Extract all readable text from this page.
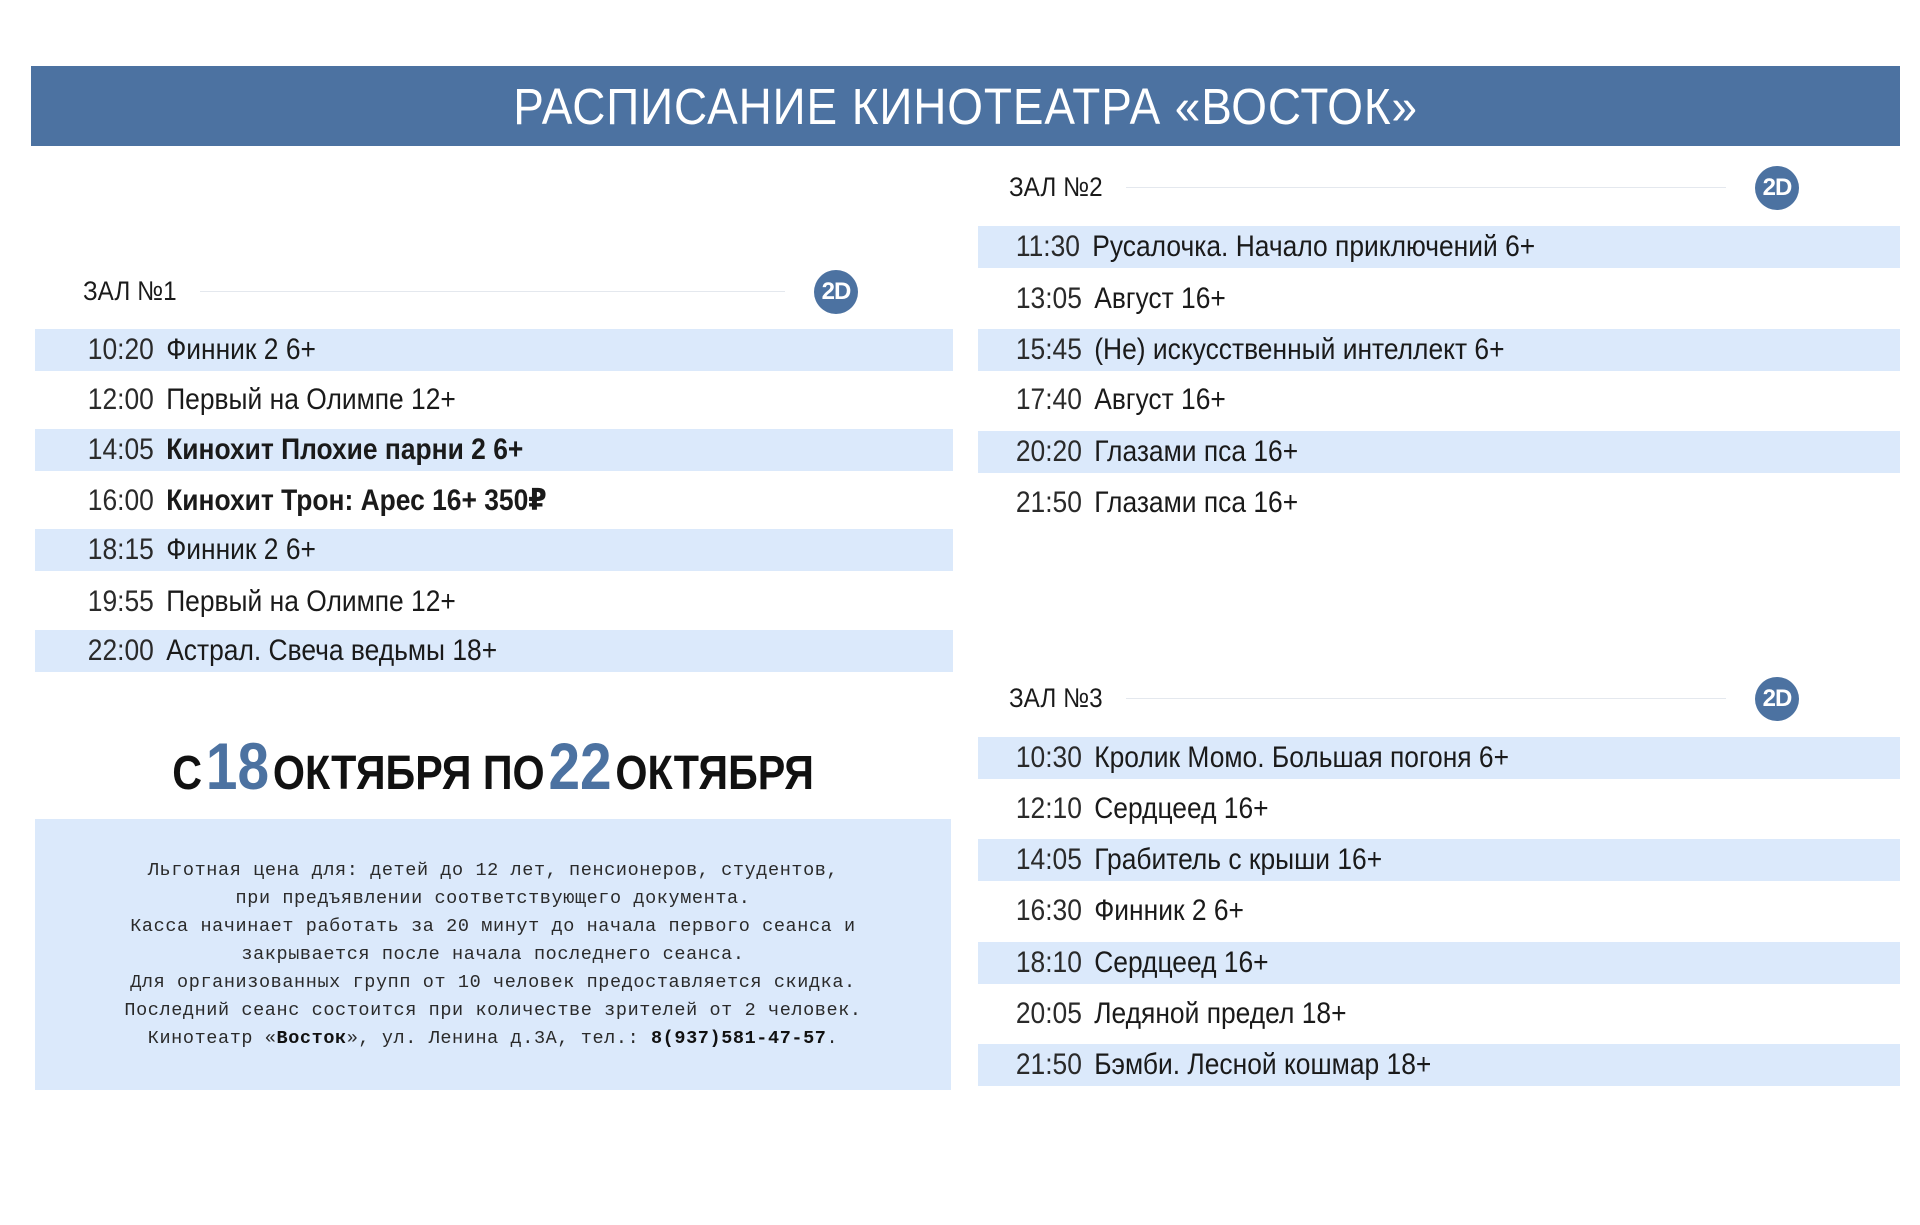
РАСПИСАНИЕ КИНОТЕАТРА «ВОСТОК»
ЗАЛ №1	2D
10:20 Финник 2 6+
12:00 Первый на Олимпе 12+
14:05 Кинохит Плохие парни 2 6+
16:00 Кинохит Трон: Арес 16+ 350₽
18:15 Финник 2 6+
19:55 Первый на Олимпе 12+
22:00 Астрал. Свеча ведьмы 18+
ЗАЛ №2	2D
11:30 Русалочка. Начало приключений 6+
13:05 Август 16+
15:45 (Не) искусственный интеллект 6+
17:40 Август 16+
20:20 Глазами пса 16+
21:50 Глазами пса 16+
ЗАЛ №3	2D
10:30 Кролик Момо. Большая погоня 6+
12:10 Сердцеед 16+
14:05 Грабитель с крыши 16+
16:30 Финник 2 6+
18:10 Сердцеед 16+
20:05 Ледяной предел 18+
21:50 Бэмби. Лесной кошмар 18+
С 18 ОКТЯБРЯ ПО 22 ОКТЯБРЯ
Льготная цена для: детей до 12 лет, пенсионеров, студентов,
при предъявлении соответствующего документа.
Касса начинает работать за 20 минут до начала первого сеанса и
закрывается после начала последнего сеанса.
Для организованных групп от 10 человек предоставляется скидка.
Последний сеанс состоится при количестве зрителей от 2 человек.
Кинотеатр «Восток», ул. Ленина д.3А, тел.: 8(937)581-47-57.
